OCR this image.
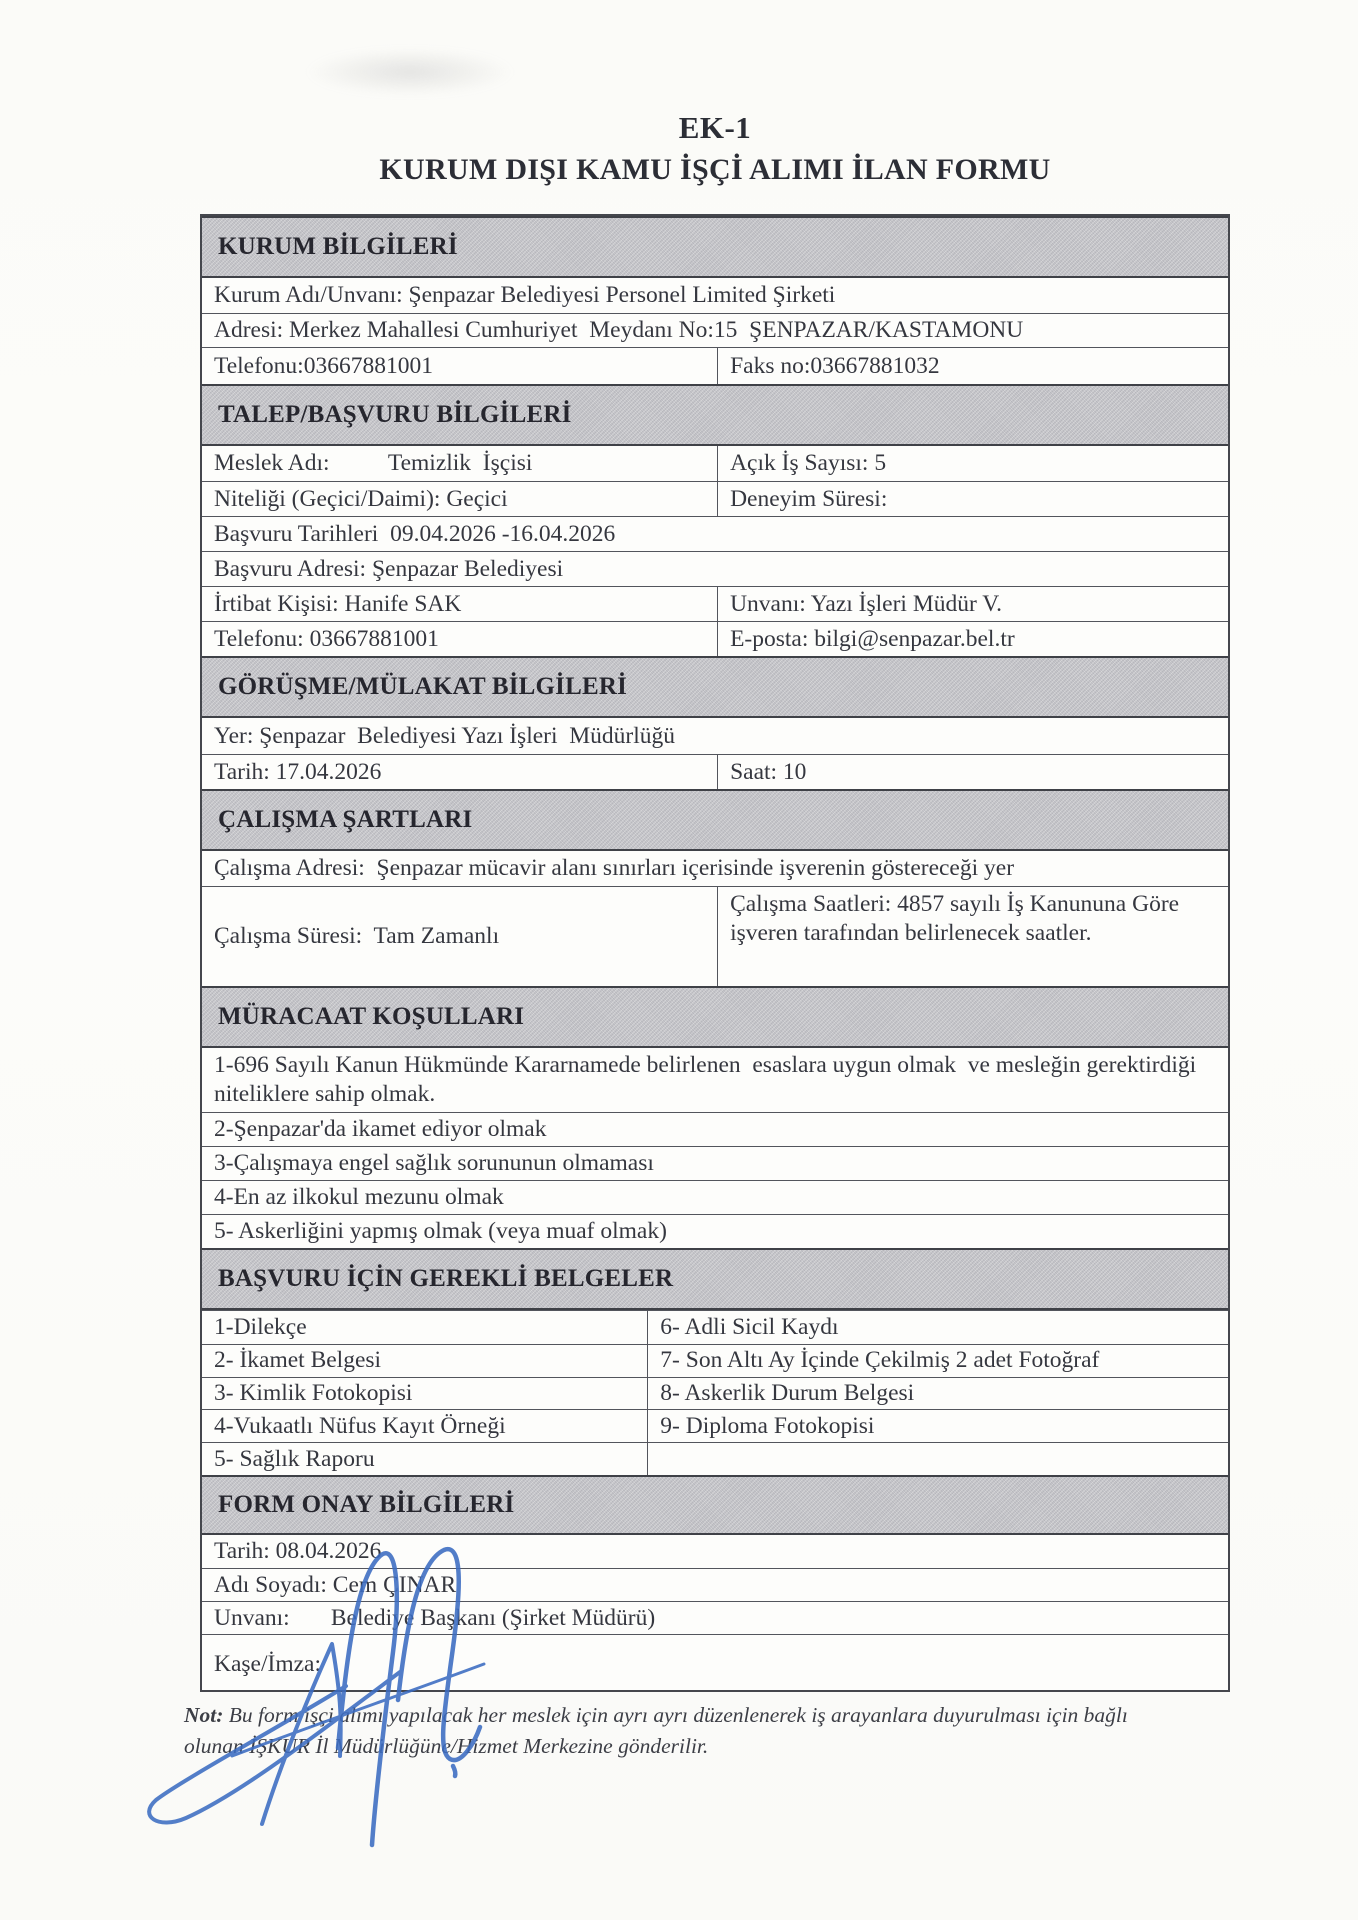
EK-1
KURUM DIŞI KAMU İŞÇİ ALIMI İLAN FORMU
KURUM BİLGİLERİ
Kurum Adı/Unvanı: Şenpazar Belediyesi Personel Limited Şirketi
Adresi: Merkez Mahallesi Cumhuriyet  Meydanı No:15  ŞENPAZAR/KASTAMONU
Telefonu:03667881001	Faks no:03667881032
TALEP/BAŞVURU BİLGİLERİ
Meslek Adı:          Temizlik  İşçisi	Açık İş Sayısı: 5
Niteliği (Geçici/Daimi): Geçici	Deneyim Süresi:
Başvuru Tarihleri  09.04.2026 -16.04.2026
Başvuru Adresi: Şenpazar Belediyesi
İrtibat Kişisi: Hanife SAK	Unvanı: Yazı İşleri Müdür V.
Telefonu: 03667881001	E-posta: bilgi@senpazar.bel.tr
GÖRÜŞME/MÜLAKAT BİLGİLERİ
Yer: Şenpazar  Belediyesi Yazı İşleri  Müdürlüğü
Tarih: 17.04.2026	Saat: 10
ÇALIŞMA ŞARTLARI
Çalışma Adresi:  Şenpazar mücavir alanı sınırları içerisinde işverenin göstereceği yer
Çalışma Süresi:  Tam Zamanlı
Çalışma Saatleri: 4857 sayılı İş Kanununa Göre  işveren tarafından belirlenecek saatler.
MÜRACAAT KOŞULLARI
1-696 Sayılı Kanun Hükmünde Kararnamede belirlenen  esaslara uygun olmak  ve mesleğin gerektirdiği niteliklere sahip olmak.
2-Şenpazar'da ikamet ediyor olmak
3-Çalışmaya engel sağlık sorununun olmaması
4-En az ilkokul mezunu olmak
5- Askerliğini yapmış olmak (veya muaf olmak)
BAŞVURU İÇİN GEREKLİ BELGELER
1-Dilekçe
2- İkamet Belgesi
3- Kimlik Fotokopisi
4-Vukaatlı Nüfus Kayıt Örneği
5- Sağlık Raporu
6- Adli Sicil Kaydı
7- Son Altı Ay İçinde Çekilmiş 2 adet Fotoğraf
8- Askerlik Durum Belgesi
9- Diploma Fotokopisi
FORM ONAY BİLGİLERİ
Tarih: 08.04.2026
Adı Soyadı: Cem ÇINAR
Unvanı:       Belediye Başkanı (Şirket Müdürü)
Kaşe/İmza:
Not: Bu form işçi alımı yapılacak her meslek için ayrı ayrı düzenlenerek iş arayanlara duyurulması için bağlı
olunan İŞKUR İl Müdürlüğüne/Hizmet Merkezine gönderilir.
